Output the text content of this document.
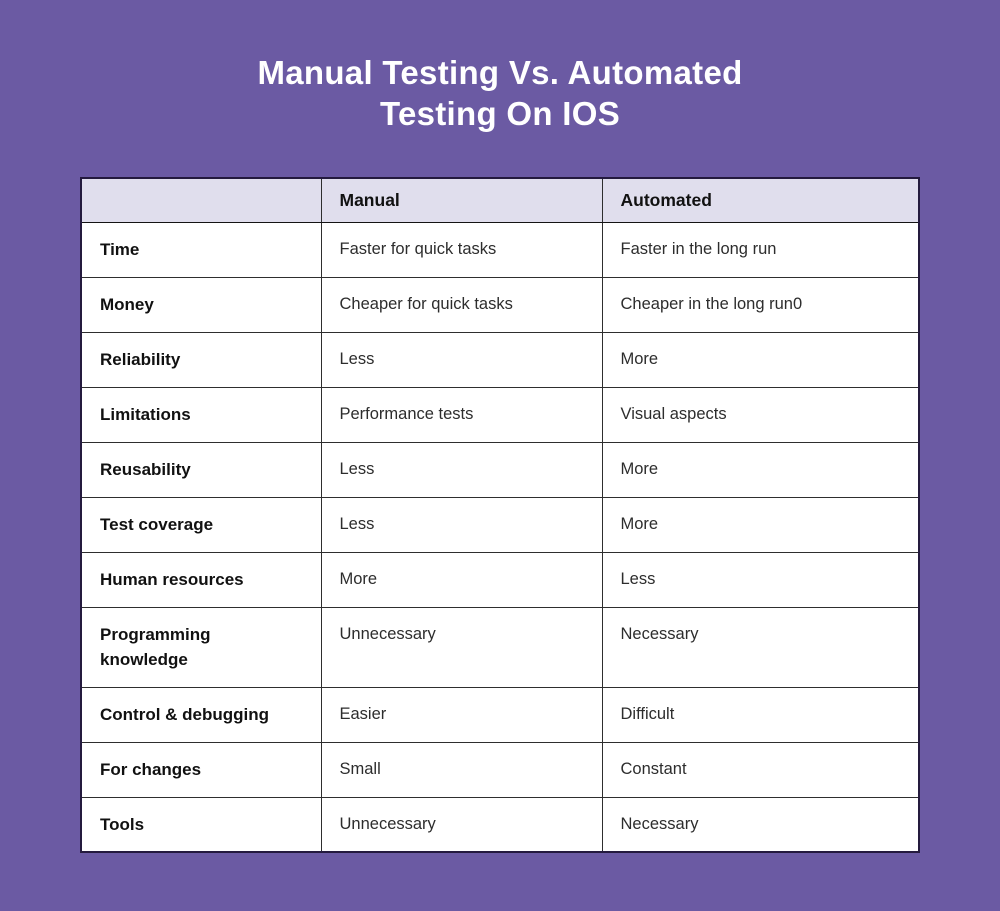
Manual Testing Vs. Automated
Testing On IOS
	Manual	Automated
Time	Faster for quick tasks	Faster in the long run
Money	Cheaper for quick tasks	Cheaper in the long run0
Reliability	Less	More
Limitations	Performance tests	Visual aspects
Reusability	Less	More
Test coverage	Less	More
Human resources	More	Less
Programming knowledge	Unnecessary	Necessary
Control & debugging	Easier	Difficult
For changes	Small	Constant
Tools	Unnecessary	Necessary
